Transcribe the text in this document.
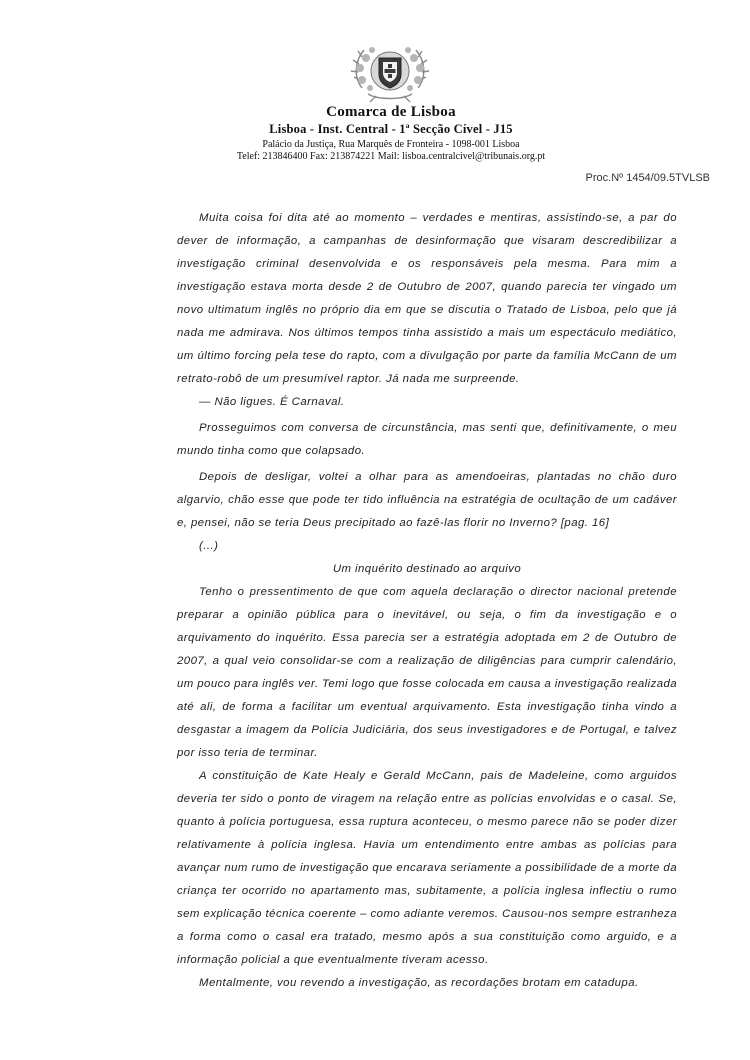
Comarca de Lisboa
Lisboa - Inst. Central - 1ª Secção Cível - J15
Palácio da Justiça, Rua Marquês de Fronteira - 1098-001 Lisboa
Telef: 213846400 Fax: 213874221 Mail: lisboa.centralcivel@tribunais.org.pt
Proc.Nº 1454/09.5TVLSB
Muita coisa foi dita até ao momento – verdades e mentiras, assistindo-se, a par do
dever de informação, a campanhas de desinformação que visaram descredibilizar a
investigação criminal desenvolvida e os responsáveis pela mesma. Para mim a
investigação estava morta desde 2 de Outubro de 2007, quando parecia ter vingado um
novo ultimatum inglês no próprio dia em que se discutia o Tratado de Lisboa, pelo que já
nada me admirava. Nos últimos tempos tinha assistido a mais um espectáculo mediático,
um último forcing pela tese do rapto, com a divulgação por parte da família McCann de um
retrato-robô de um presumível raptor. Já nada me surpreende.
— Não ligues. É Carnaval.
Prosseguimos com conversa de circunstância, mas senti que, definitivamente, o meu
mundo tinha como que colapsado.
Depois de desligar, voltei a olhar para as amendoeiras, plantadas no chão duro
algarvio, chão esse que pode ter tido influência na estratégia de ocultação de um cadáver
e, pensei, não se teria Deus precipitado ao fazê-las florir no Inverno? [pag. 16]
(...)
Um inquérito destinado ao arquivo
Tenho o pressentimento de que com aquela declaração o director nacional pretende
preparar a opinião pública para o inevitável, ou seja, o fim da investigação e o
arquivamento do inquérito. Essa parecia ser a estratégia adoptada em 2 de Outubro de
2007, a qual veio consolidar-se com a realização de diligências para cumprir calendário,
um pouco para inglês ver. Temi logo que fosse colocada em causa a investigação realizada
até ali, de forma a facilitar um eventual arquivamento. Esta investigação tinha vindo a
desgastar a imagem da Polícia Judiciária, dos seus investigadores e de Portugal, e talvez
por isso teria de terminar.
A constituição de Kate Healy e Gerald McCann, pais de Madeleine, como arguidos
deveria ter sido o ponto de viragem na relação entre as polícias envolvidas e o casal. Se,
quanto à polícia portuguesa, essa ruptura aconteceu, o mesmo parece não se poder dizer
relativamente à polícia inglesa. Havia um entendimento entre ambas as polícias para
avançar num rumo de investigação que encarava seriamente a possibilidade de a morte da
criança ter ocorrido no apartamento mas, subitamente, a polícia inglesa inflectiu o rumo
sem explicação técnica coerente – como adiante veremos. Causou-nos sempre estranheza
a forma como o casal era tratado, mesmo após a sua constituição como arguido, e a
informação policial a que eventualmente tiveram acesso.
Mentalmente, vou revendo a investigação, as recordações brotam em catadupa.
